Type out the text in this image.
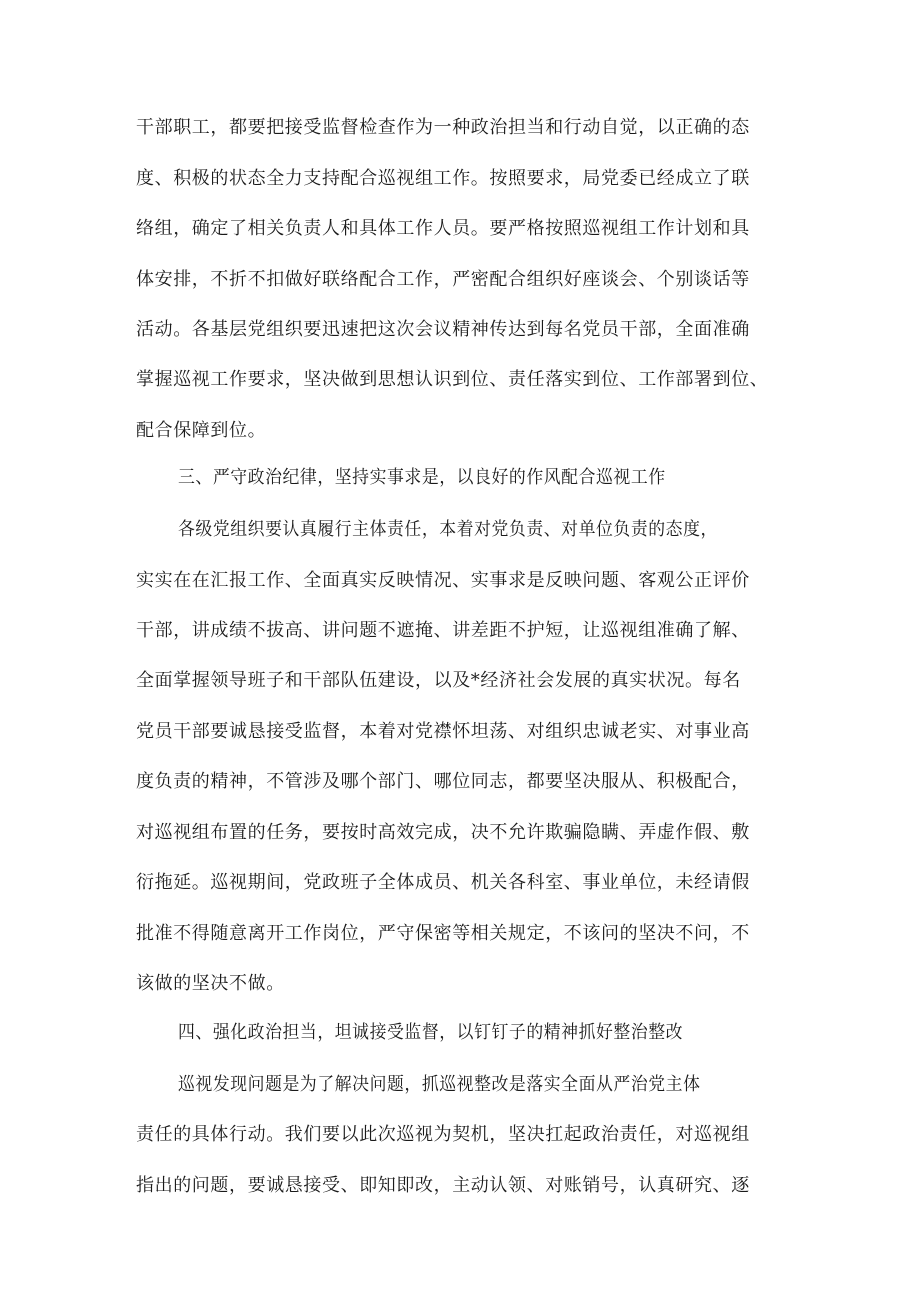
干部职工，都要把接受监督检查作为一种政治担当和行动自觉，以正确的态
度、积极的状态全力支持配合巡视组工作。按照要求，局党委已经成立了联
络组，确定了相关负责人和具体工作人员。要严格按照巡视组工作计划和具
体安排，不折不扣做好联络配合工作，严密配合组织好座谈会、个别谈话等
活动。各基层党组织要迅速把这次会议精神传达到每名党员干部，全面准确
掌握巡视工作要求，坚决做到思想认识到位、责任落实到位、工作部署到位、
配合保障到位。
三、严守政治纪律，坚持实事求是，以良好的作风配合巡视工作
各级党组织要认真履行主体责任，本着对党负责、对单位负责的态度，
实实在在汇报工作、全面真实反映情况、实事求是反映问题、客观公正评价
干部，讲成绩不拔高、讲问题不遮掩、讲差距不护短，让巡视组准确了解、
全面掌握领导班子和干部队伍建设，以及*经济社会发展的真实状况。每名
党员干部要诚恳接受监督，本着对党襟怀坦荡、对组织忠诚老实、对事业高
度负责的精神，不管涉及哪个部门、哪位同志，都要坚决服从、积极配合，
对巡视组布置的任务，要按时高效完成，决不允许欺骗隐瞒、弄虚作假、敷
衍拖延。巡视期间，党政班子全体成员、机关各科室、事业单位，未经请假
批准不得随意离开工作岗位，严守保密等相关规定，不该问的坚决不问，不
该做的坚决不做。
四、强化政治担当，坦诚接受监督，以钉钉子的精神抓好整治整改
巡视发现问题是为了解决问题，抓巡视整改是落实全面从严治党主体
责任的具体行动。我们要以此次巡视为契机，坚决扛起政治责任，对巡视组
指出的问题，要诚恳接受、即知即改，主动认领、对账销号，认真研究、逐
